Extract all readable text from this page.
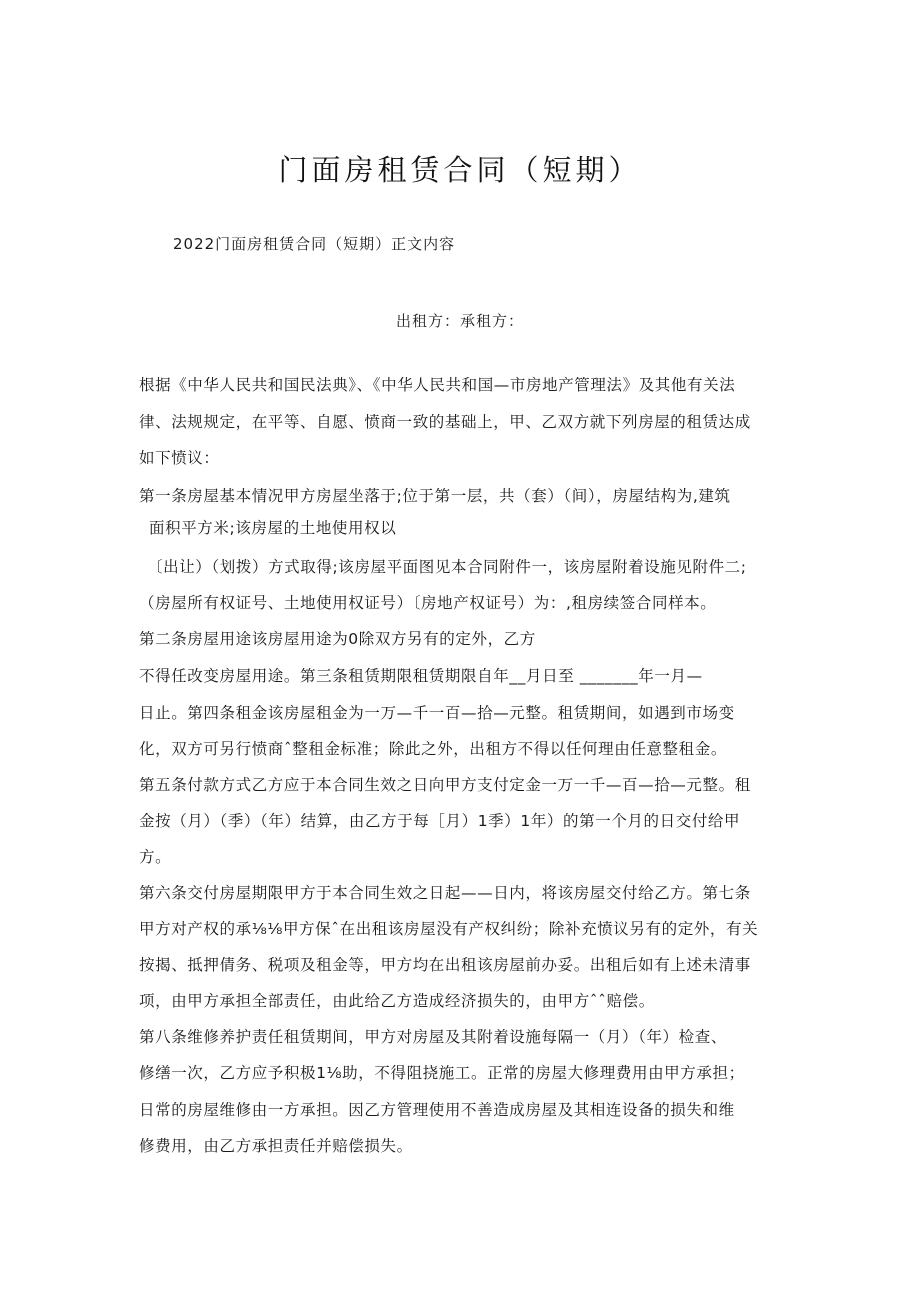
门面房租赁合同（短期）
2022门面房租赁合同（短期）正文内容
出租方：承租方：
根据《中华人民共和国民法典》、《中华人民共和国—市房地产管理法》及其他有关法
律、法规规定，在平等、自愿、愤商一致的基础上，甲、乙双方就下列房屋的租赁达成
如下愤议：
第一条房屋基本情况甲方房屋坐落于;位于第一层，共（套）（间），房屋结构为,建筑
面积平方米;该房屋的土地使用权以
〔出让）（划拨）方式取得;该房屋平面图见本合同附件一，该房屋附着设施见附件二;
（房屋所有权证号、土地使用权证号）〔房地产权证号）为：,租房续签合同样本。
第二条房屋用途该房屋用途为0除双方另有的定外，乙方
不得任改变房屋用途。第三条租赁期限租赁期限自年__月日至 _______年一月—
日止。第四条租金该房屋租金为一万—千一百—拾—元整。租赁期间，如遇到市场变
化，双方可另行愤商ˆ整租金标准；除此之外，出租方不得以任何理由任意整租金。
第五条付款方式乙方应于本合同生效之日向甲方支付定金一万一千—百—拾—元整。租
金按（月）（季）（年）结算，由乙方于每［月）1季）1年）的第一个月的日交付给甲
方。
第六条交付房屋期限甲方于本合同生效之日起——日内，将该房屋交付给乙方。第七条
甲方对产权的承⅛⅛甲方保ˆ在出租该房屋没有产权纠纷；除补充愤议另有的定外，有关
按揭、抵押倩务、税项及租金等，甲方均在出租该房屋前办妥。出租后如有上述未清事
项，由甲方承担全部责任，由此给乙方造成经济损失的，由甲方ˆˆ赔偿。
第八条维修养护责任租赁期间，甲方对房屋及其附着设施每隔一（月）（年）检查、
修缮一次，乙方应予积极1⅛助，不得阻挠施工。正常的房屋大修理费用由甲方承担；
日常的房屋维修由一方承担。因乙方管理使用不善造成房屋及其相连设备的损失和维
修费用，由乙方承担责任并赔偿损失。
